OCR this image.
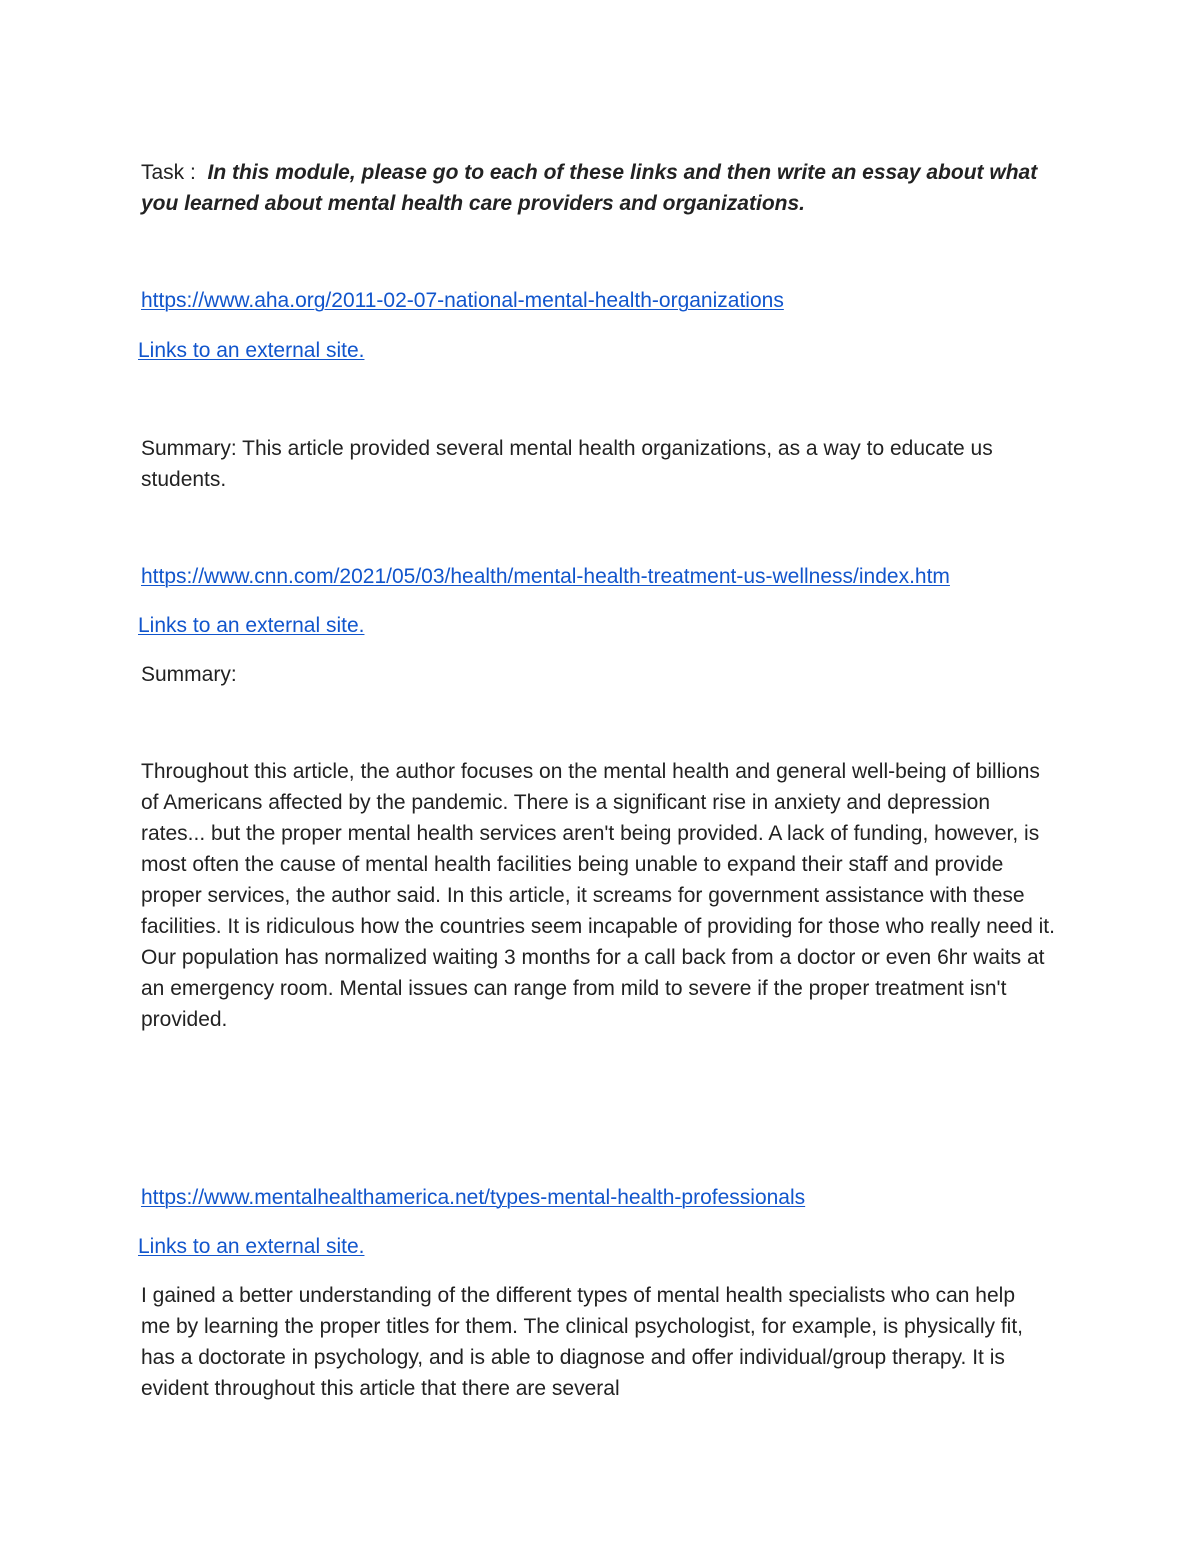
Task : In this module, please go to each of these links and then write an essay about what you learned about mental health care providers and organizations.

https://www.aha.org/2011-02-07-national-mental-health-organizations

Links to an external site.

Summary: This article provided several mental health organizations, as a way to educate us students.

https://www.cnn.com/2021/05/03/health/mental-health-treatment-us-wellness/index.htm

Links to an external site.

Summary:

Throughout this article, the author focuses on the mental health and general well-being of billions of Americans affected by the pandemic. There is a significant rise in anxiety and depression rates... but the proper mental health services aren't being provided. A lack of funding, however, is most often the cause of mental health facilities being unable to expand their staff and provide proper services, the author said. In this article, it screams for government assistance with these facilities. It is ridiculous how the countries seem incapable of providing for those who really need it. Our population has normalized waiting 3 months for a call back from a doctor or even 6hr waits at an emergency room. Mental issues can range from mild to severe if the proper treatment isn't provided.

https://www.mentalhealthamerica.net/types-mental-health-professionals

Links to an external site.

I gained a better understanding of the different types of mental health specialists who can help me by learning the proper titles for them. The clinical psychologist, for example, is physically fit, has a doctorate in psychology, and is able to diagnose and offer individual/group therapy. It is evident throughout this article that there are several
